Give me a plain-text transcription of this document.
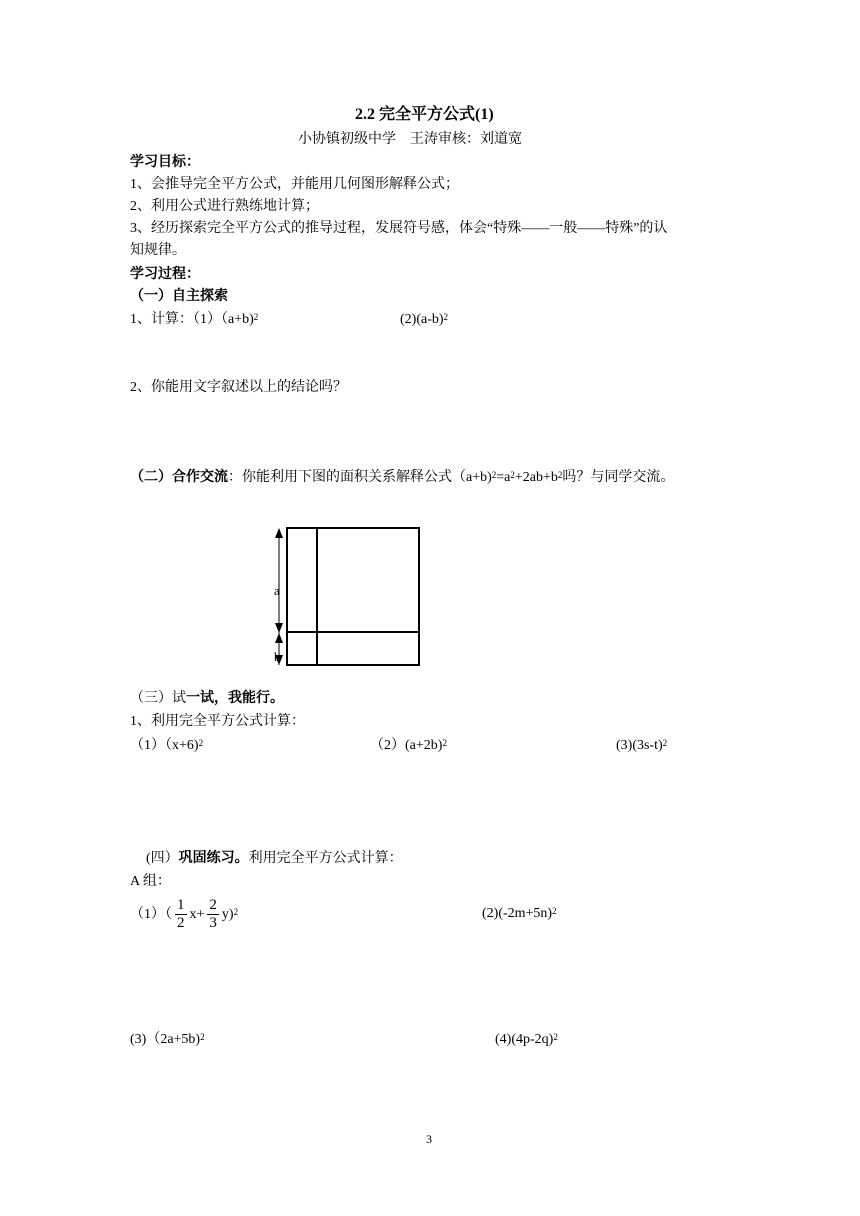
2.2 完全平方公式(1)
小协镇初级中学　王涛审核：刘道宽
学习目标：
1、会推导完全平方公式，并能用几何图形解释公式；
2、利用公式进行熟练地计算；
3、经历探索完全平方公式的推导过程，发展符号感，体会“特殊——一般——特殊”的认
知规律。
学习过程：
（一）自主探索
1、计算：（1）（a+b)$^2$	$(2)(a-b)^2$
2、你能用文字叙述以上的结论吗？
（二）合作交流：你能利用下图的面积关系解释公式$(a+b)^2=a^2+2ab+b^2$吗？与同学交流。
a
b
（三）试一试，我能行。
1、利用完全平方公式计算：
（1）（x+6)$^2$	$(2)(a+2b)^2$	$(3)(3s-t)^2$
(四）巩固练习。利用完全平方公式计算：
A 组：
$(1)( \frac{1}{2} x+ \frac{2}{3} y)^2$	$(2)(-2m+5n)^2$
(3)（2a+5b)$^2$	$(4)(4p-2q)^2$
3
